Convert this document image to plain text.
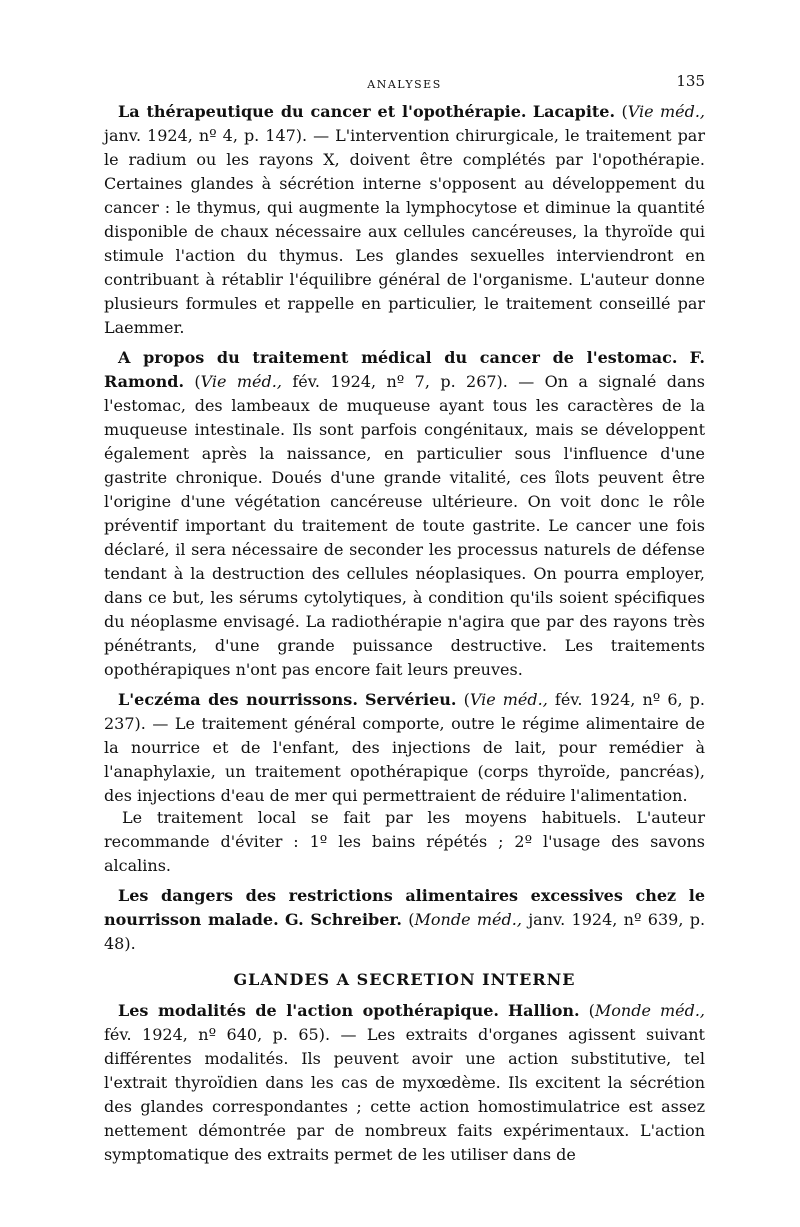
ANALYSES	135

La thérapeutique du cancer et l'opothérapie. Lacapite. (Vie méd., janv. 1924, nº 4, p. 147). — L'intervention chirurgicale, le traitement par le radium ou les rayons X, doivent être complétés par l'opothérapie. Certaines glandes à sécrétion interne s'opposent au développement du cancer : le thymus, qui augmente la lymphocytose et diminue la quantité disponible de chaux nécessaire aux cellules cancéreuses, la thyroïde qui stimule l'action du thymus. Les glandes sexuelles interviendront en contribuant à rétablir l'équilibre général de l'organisme. L'auteur donne plusieurs formules et rappelle en particulier, le traitement conseillé par Laemmer.

A propos du traitement médical du cancer de l'estomac. F. Ramond. (Vie méd., fév. 1924, nº 7, p. 267). — On a signalé dans l'estomac, des lambeaux de muqueuse ayant tous les caractères de la muqueuse intestinale. Ils sont parfois congénitaux, mais se développent également après la naissance, en particulier sous l'influence d'une gastrite chronique. Doués d'une grande vitalité, ces îlots peuvent être l'origine d'une végétation cancéreuse ultérieure. On voit donc le rôle préventif important du traitement de toute gastrite. Le cancer une fois déclaré, il sera nécessaire de seconder les processus naturels de défense tendant à la destruction des cellules néoplasiques. On pourra employer, dans ce but, les sérums cytolytiques, à condition qu'ils soient spécifiques du néoplasme envisagé. La radiothérapie n'agira que par des rayons très pénétrants, d'une grande puissance destructive. Les traitements opothérapiques n'ont pas encore fait leurs preuves.

L'eczéma des nourrissons. Servérieu. (Vie méd., fév. 1924, nº 6, p. 237). — Le traitement général comporte, outre le régime alimentaire de la nourrice et de l'enfant, des injections de lait, pour remédier à l'anaphylaxie, un traitement opothérapique (corps thyroïde, pancréas), des injections d'eau de mer qui permettraient de réduire l'alimentation.

Le traitement local se fait par les moyens habituels. L'auteur recommande d'éviter : 1º les bains répétés ; 2º l'usage des savons alcalins.

Les dangers des restrictions alimentaires excessives chez le nourrisson malade. G. Schreiber. (Monde méd., janv. 1924, nº 639, p. 48).

GLANDES A SECRETION INTERNE

Les modalités de l'action opothérapique. Hallion. (Monde méd., fév. 1924, nº 640, p. 65). — Les extraits d'organes agissent suivant différentes modalités. Ils peuvent avoir une action substitutive, tel l'extrait thyroïdien dans les cas de myxœdème. Ils excitent la sécrétion des glandes correspondantes ; cette action homostimulatrice est assez nettement démontrée par de nombreux faits expérimentaux. L'action symptomatique des extraits permet de les utiliser dans de
